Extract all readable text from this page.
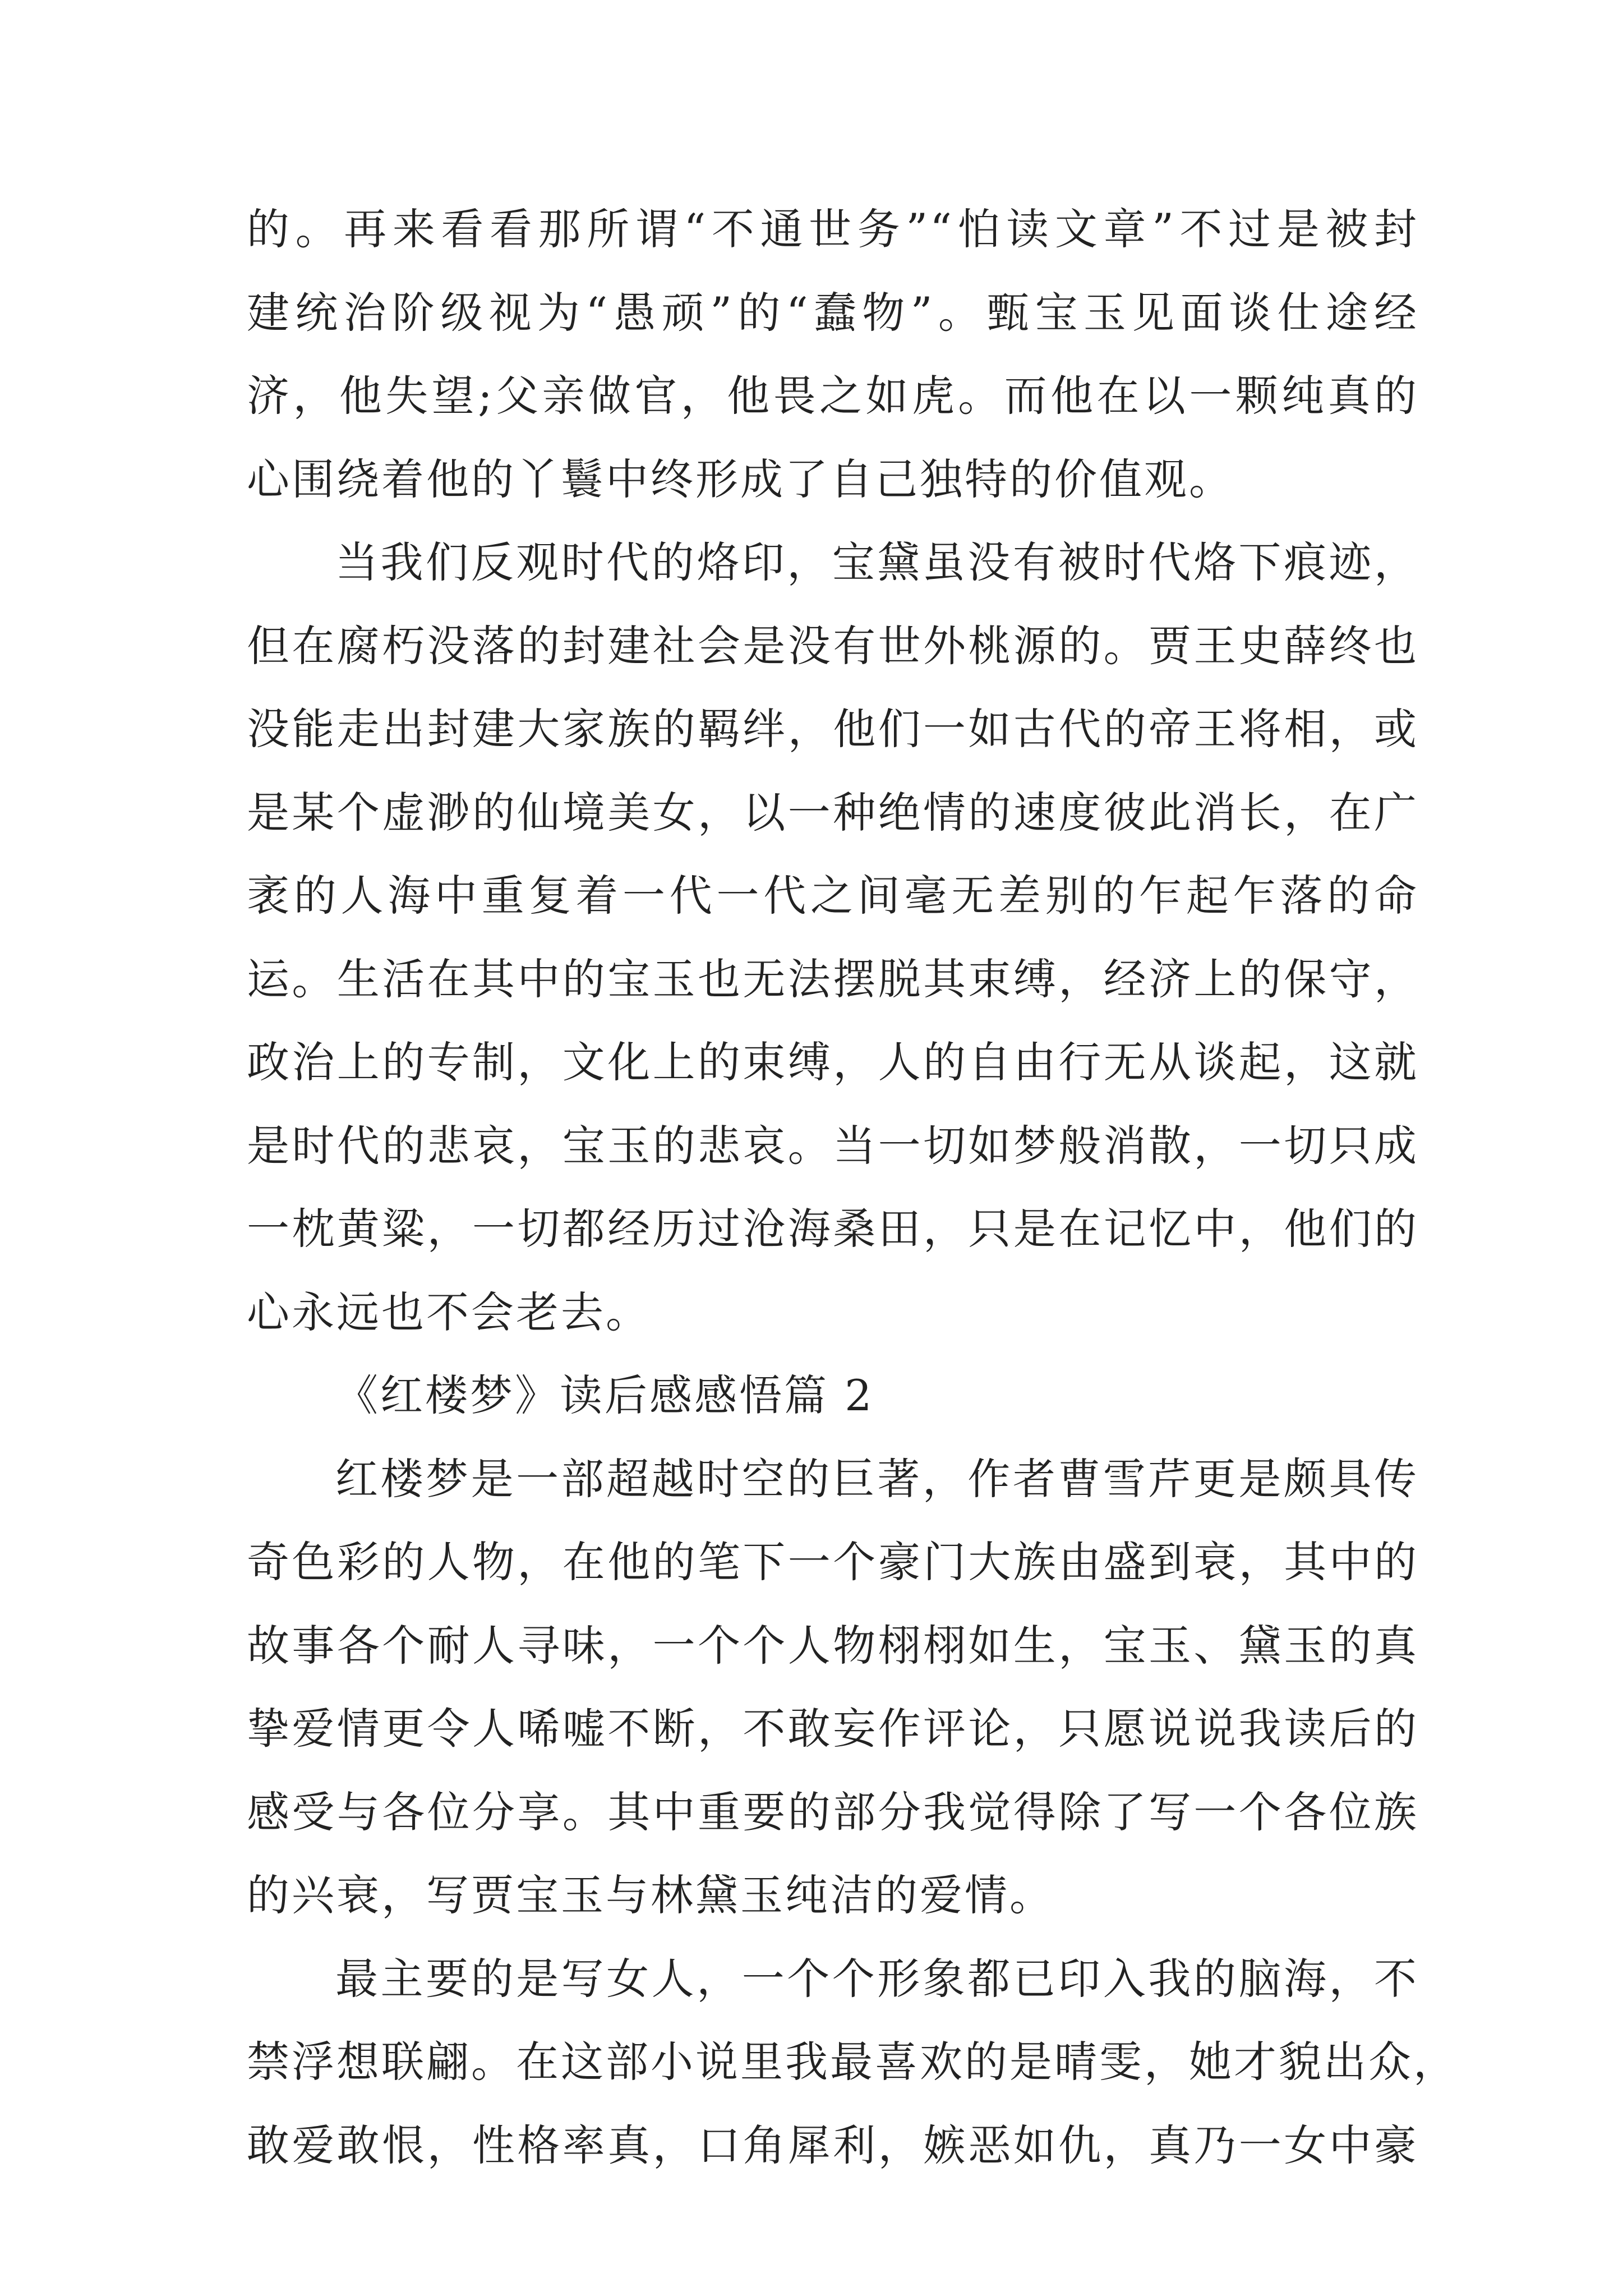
的。再来看看那所谓“不通世务”“怕读文章”不过是被封
建统治阶级视为“愚顽”的“蠢物”。甄宝玉见面谈仕途经
济，他失望;父亲做官，他畏之如虎。而他在以一颗纯真的
心围绕着他的丫鬟中终形成了自己独特的价值观。
当我们反观时代的烙印，宝黛虽没有被时代烙下痕迹，
但在腐朽没落的封建社会是没有世外桃源的。贾王史薛终也
没能走出封建大家族的羁绊，他们一如古代的帝王将相，或
是某个虚渺的仙境美女，以一种绝情的速度彼此消长，在广
袤的人海中重复着一代一代之间毫无差别的乍起乍落的命
运。生活在其中的宝玉也无法摆脱其束缚，经济上的保守，
政治上的专制，文化上的束缚，人的自由行无从谈起，这就
是时代的悲哀，宝玉的悲哀。当一切如梦般消散，一切只成
一枕黄粱，一切都经历过沧海桑田，只是在记忆中，他们的
心永远也不会老去。
《红楼梦》读后感感悟篇 2
红楼梦是一部超越时空的巨著，作者曹雪芹更是颇具传
奇色彩的人物，在他的笔下一个豪门大族由盛到衰，其中的
故事各个耐人寻味，一个个人物栩栩如生，宝玉、黛玉的真
挚爱情更令人唏嘘不断，不敢妄作评论，只愿说说我读后的
感受与各位分享。其中重要的部分我觉得除了写一个各位族
的兴衰，写贾宝玉与林黛玉纯洁的爱情。
最主要的是写女人，一个个形象都已印入我的脑海，不
禁浮想联翩。在这部小说里我最喜欢的是晴雯，她才貌出众，
敢爱敢恨，性格率真，口角犀利，嫉恶如仇，真乃一女中豪
